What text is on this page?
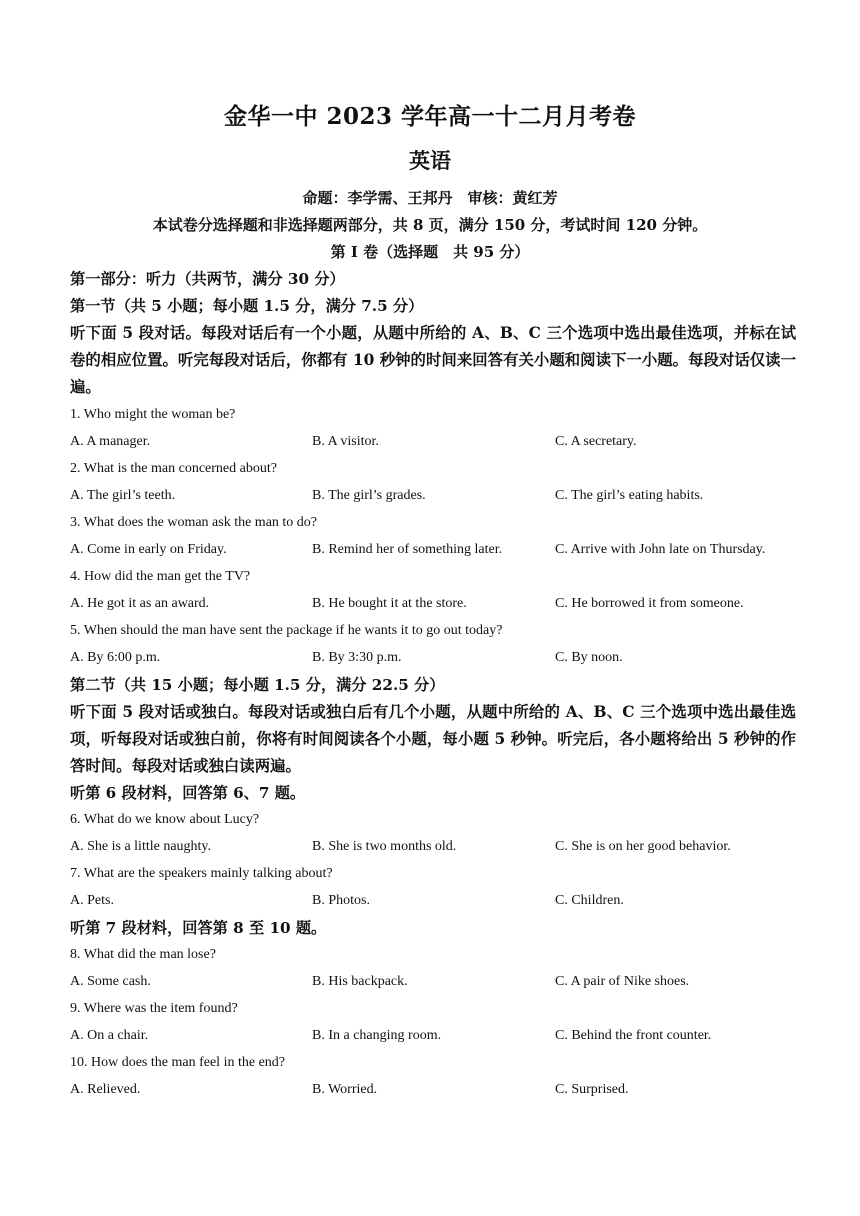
金华一中 2023 学年高一十二月月考卷
英语
命题：李学需、王邦丹　审核：黄红芳
本试卷分选择题和非选择题两部分，共 8 页，满分 150 分，考试时间 120 分钟。
第 I 卷（选择题　共 95 分）
第一部分：听力（共两节，满分 30 分）
第一节（共 5 小题；每小题 1.5 分，满分 7.5 分）
听下面 5 段对话。每段对话后有一个小题，从题中所给的 A、B、C 三个选项中选出最佳选项，并标在试卷的相应位置。听完每段对话后，你都有 10 秒钟的时间来回答有关小题和阅读下一小题。每段对话仅读一遍。
1. Who might the woman be?
A. A manager.	B. A visitor.	C. A secretary.
2. What is the man concerned about?
A. The girl’s teeth.	B. The girl’s grades.	C. The girl’s eating habits.
3. What does the woman ask the man to do?
A. Come in early on Friday.	B. Remind her of something later.	C. Arrive with John late on Thursday.
4. How did the man get the TV?
A. He got it as an award.	B. He bought it at the store.	C. He borrowed it from someone.
5. When should the man have sent the package if he wants it to go out today?
A. By 6:00 p.m.	B. By 3:30 p.m.	C. By noon.
第二节（共 15 小题；每小题 1.5 分，满分 22.5 分）
听下面 5 段对话或独白。每段对话或独白后有几个小题，从题中所给的 A、B、C 三个选项中选出最佳选项，听每段对话或独白前，你将有时间阅读各个小题，每小题 5 秒钟。听完后，各小题将给出 5 秒钟的作答时间。每段对话或独白读两遍。
听第 6 段材料，回答第 6、7 题。
6. What do we know about Lucy?
A. She is a little naughty.	B. She is two months old.	C. She is on her good behavior.
7. What are the speakers mainly talking about?
A. Pets.	B. Photos.	C. Children.
听第 7 段材料，回答第 8 至 10 题。
8. What did the man lose?
A. Some cash.	B. His backpack.	C. A pair of Nike shoes.
9. Where was the item found?
A. On a chair.	B. In a changing room.	C. Behind the front counter.
10. How does the man feel in the end?
A. Relieved.	B. Worried.	C. Surprised.
